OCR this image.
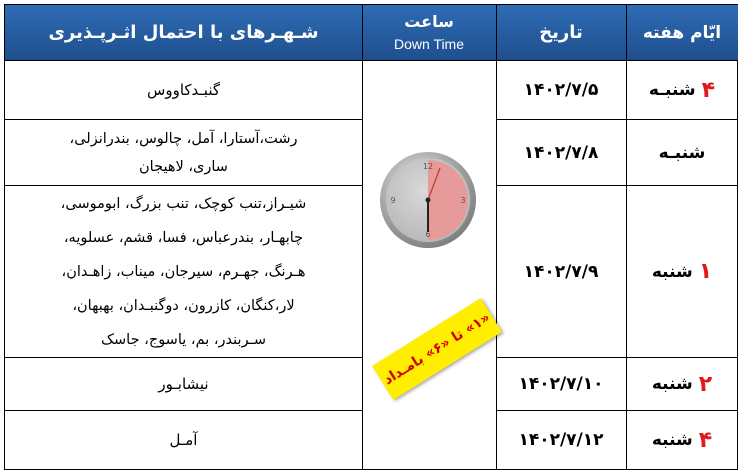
ایّام هفته
تاریخ
ساعت
Down Time
شـهـرهای با احتمال اثـرپـذیری
۴
شنبـه
۱۴۰۲/۷/۵
گنبـدکاووس
شنبـه
۱۴۰۲/۷/۸
رشت،آستارا، آمل، چالوس، بندرانزلی،
ساری، لاهیجان
۱
شنبه
۱۴۰۲/۷/۹
شیـراز،تنب کوچک، تنب بزرگ، ابوموسی،
چابهـار، بندرعباس، فسا، قشم، عسلویه،
هـرنگ، جهـرم، سیرجان، میناب، زاهـدان،
لار،کنگان، کازرون، دوگنبـدان، بهبهان،
سـربندر، بم، یاسوج، جاسک
۲
شنبه
۱۴۰۲/۷/۱۰
نیشابـور
۴
شنبه
۱۴۰۲/۷/۱۲
آمـل
12
3
6
9
«۱» تا «۶» بامـداد
